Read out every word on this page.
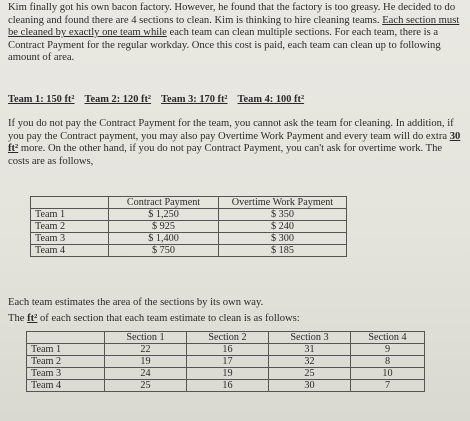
Kim finally got his own bacon factory. However, he found that the factory is too greasy. He decided to do cleaning and found there are 4 sections to clean. Kim is thinking to hire cleaning teams. Each section must be cleaned by exactly one team while each team can clean multiple sections. For each team, there is a Contract Payment for the regular workday. Once this cost is paid, each team can clean up to following amount of area.

Team 1: 150 ft² Team 2: 120 ft² Team 3: 170 ft² Team 4: 100 ft²

If you do not pay the Contract Payment for the team, you cannot ask the team for cleaning. In addition, if you pay the Contract payment, you may also pay Overtime Work Payment and every team will do extra 30 ft² more. On the other hand, if you do not pay Contract Payment, you can't ask for overtime work. The costs are as follows,

	Contract Payment	Overtime Work Payment
Team 1	$ 1,250	$ 350
Team 2	$ 925	$ 240
Team 3	$ 1,400	$ 300
Team 4	$ 750	$ 185

Each team estimates the area of the sections by its own way.

The ft² of each section that each team estimate to clean is as follows:

	Section 1	Section 2	Section 3	Section 4
Team 1	22	16	31	9
Team 2	19	17	32	8
Team 3	24	19	25	10
Team 4	25	16	30	7
